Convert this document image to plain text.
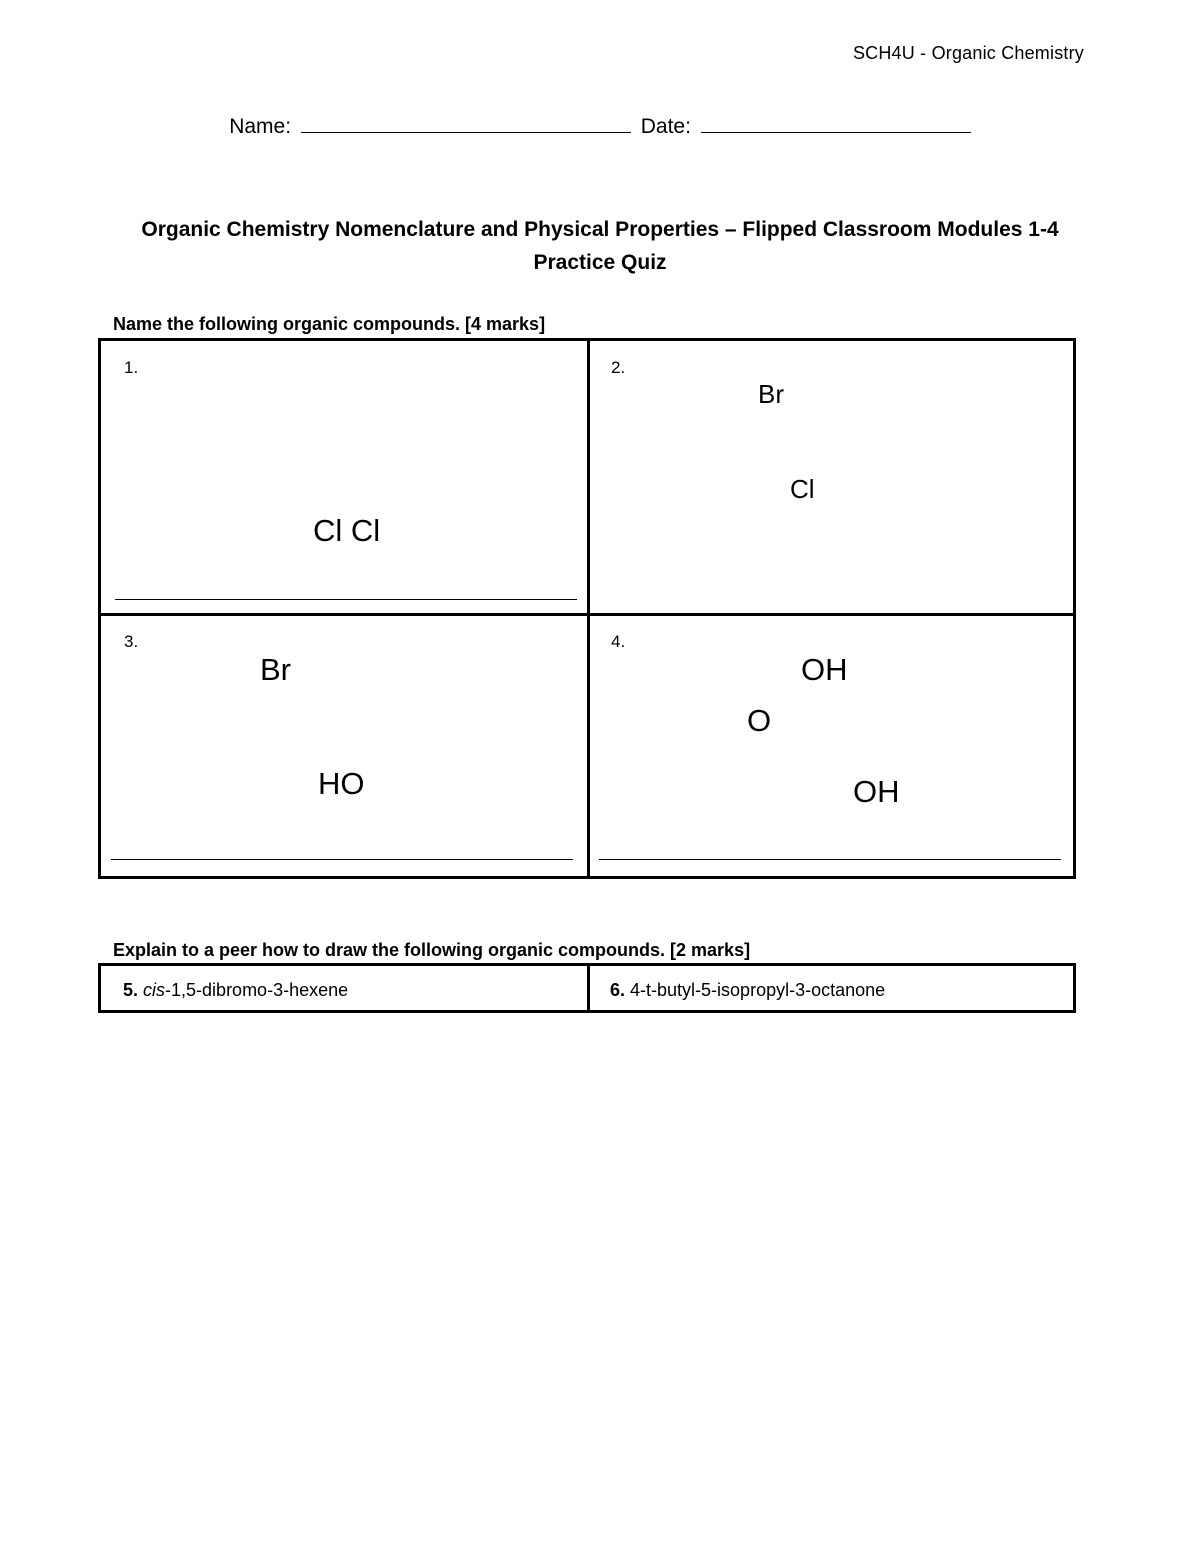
SCH4U - Organic Chemistry
Name:	Date:
Organic Chemistry Nomenclature and Physical Properties – Flipped Classroom Modules 1-4
Practice Quiz
Name the following organic compounds. [4 marks]
1.
Cl Cl
2.
Br
Cl
3.
Br
HO
4.
OH
O
OH
Explain to a peer how to draw the following organic compounds. [2 marks]
5. cis-1,5-dibromo-3-hexene	6. 4-t-butyl-5-isopropyl-3-octanone
